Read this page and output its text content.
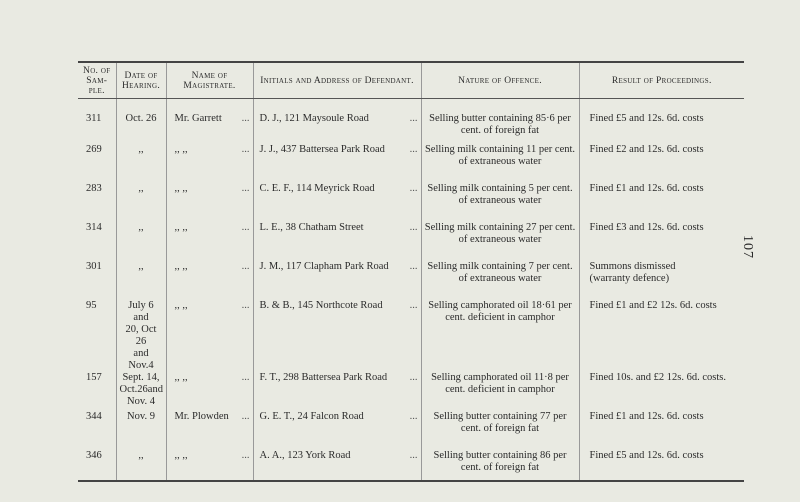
No. of Sam-ple.	Date of Hearing.	Name of Magistrate.	Initials and Address of Defendant.	Nature of Offence.	Result of Proceedings.
311	Oct. 26	Mr. Garrett ...	D. J., 121 Maysoule Road ...	Selling butter containing 85·6 per cent. of foreign fat	Fined £5 and 12s. 6d. costs
269	,,	,, ,, ...	J. J., 437 Battersea Park Road ...	Selling milk containing 11 per cent. of extraneous water	Fined £2 and 12s. 6d. costs
283	,,	,, ,, ...	C. E. F., 114 Meyrick Road ...	Selling milk containing 5 per cent. of extraneous water	Fined £1 and 12s. 6d. costs
314	,,	,, ,, ...	L. E., 38 Chatham Street ...	Selling milk containing 27 per cent. of extraneous water	Fined £3 and 12s. 6d. costs
301	,,	,, ,, ...	J. M., 117 Clapham Park Road ...	Selling milk containing 7 per cent. of extraneous water	Summons dismissed
(warranty defence)
95	July 6 and
20, Oct 26
and Nov.4	,, ,, ...	B. & B., 145 Northcote Road ...	Selling camphorated oil 18·61 per cent. deficient in camphor	Fined £1 and £2 12s. 6d. costs
157	Sept. 14,
Oct.26and
Nov. 4	,, ,, ...	F. T., 298 Battersea Park Road ...	Selling camphorated oil 11·8 per cent. deficient in camphor	Fined 10s. and £2 12s. 6d. costs.
344	Nov. 9	Mr. Plowden ...	G. E. T., 24 Falcon Road ...	Selling butter containing 77 per cent. of foreign fat	Fined £1 and 12s. 6d. costs
346	,,	,, ,, ...	A. A., 123 York Road ...	Selling butter containing 86 per cent. of foreign fat	Fined £5 and 12s. 6d. costs
107
